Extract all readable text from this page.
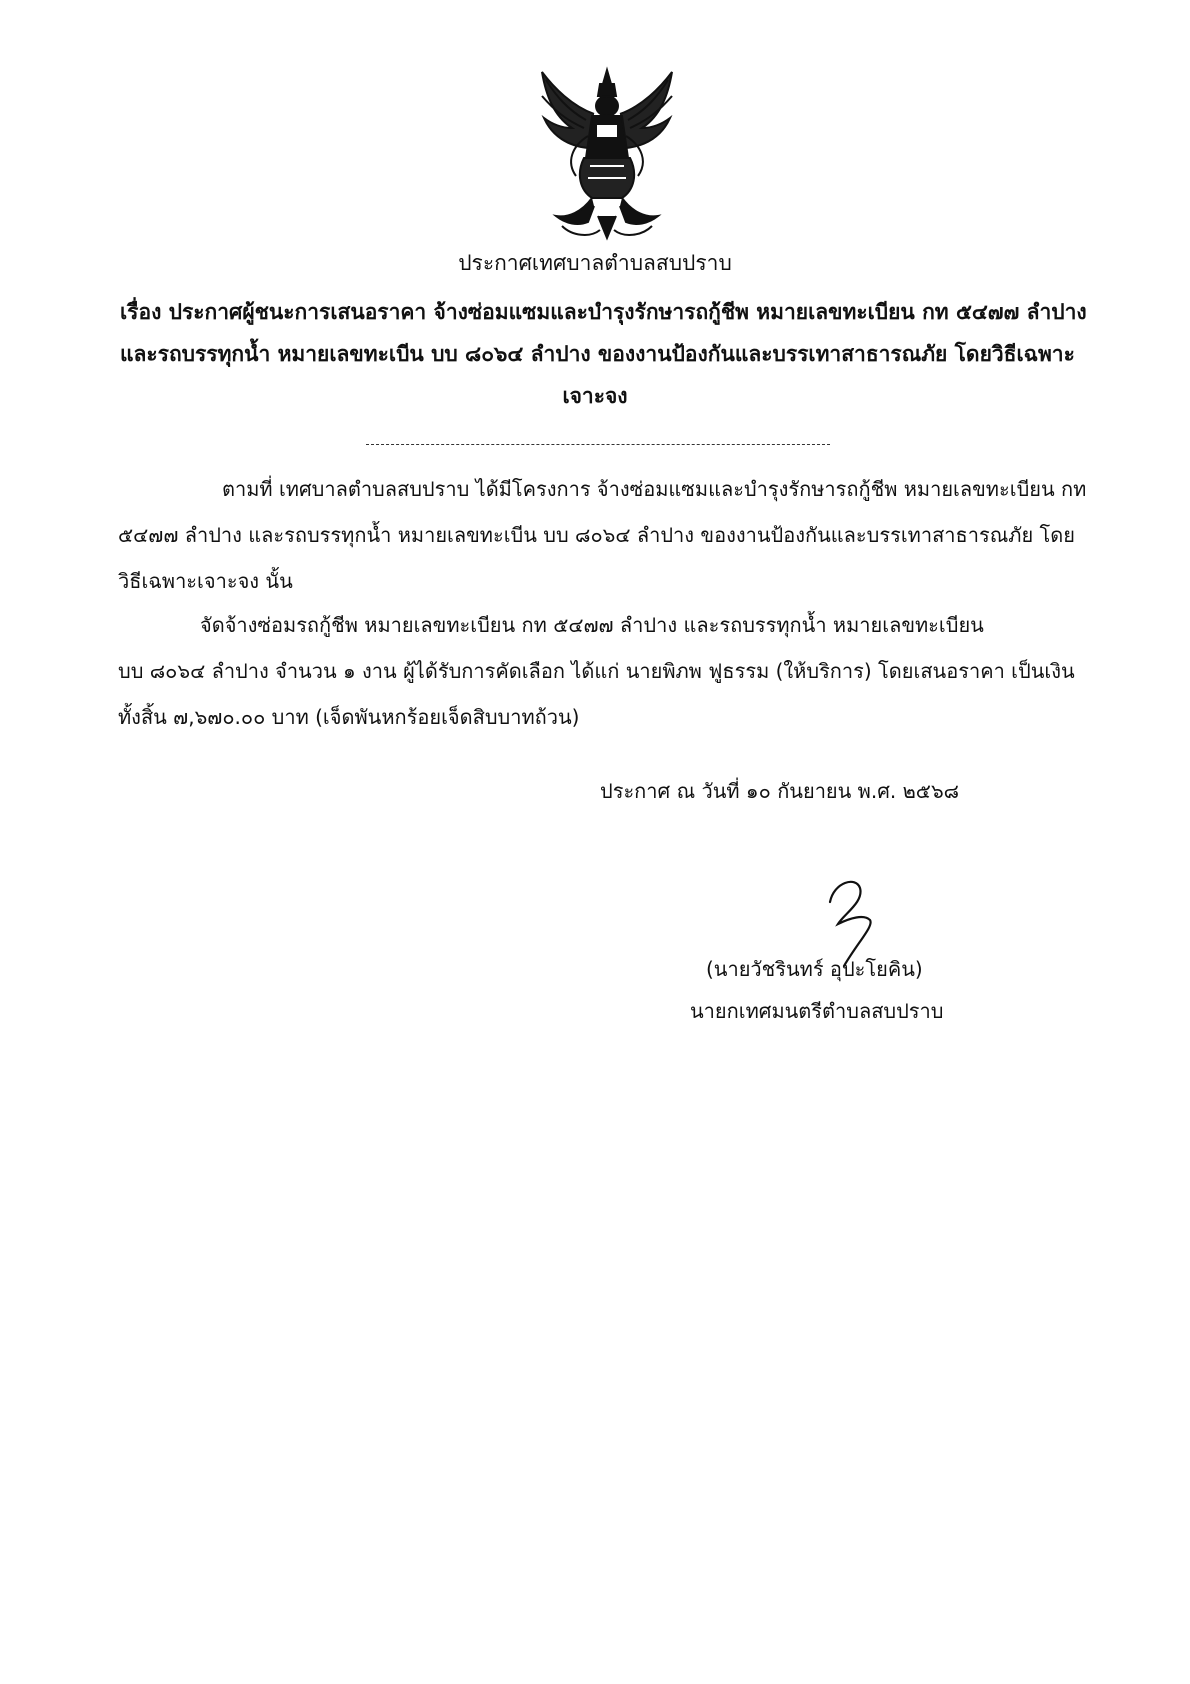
ประกาศเทศบาลตำบลสบปราบ
เรื่อง ประกาศผู้ชนะการเสนอราคา จ้างซ่อมแซมและบำรุงรักษารถกู้ชีพ หมายเลขทะเบียน กท ๕๔๗๗ ลำปาง
และรถบรรทุกน้ำ หมายเลขทะเบีน บบ ๘๐๖๔ ลำปาง ของงานป้องกันและบรรเทาสาธารณภัย โดยวิธีเฉพาะ
เจาะจง
ตามที่ เทศบาลตำบลสบปราบ ได้มีโครงการ จ้างซ่อมแซมและบำรุงรักษารถกู้ชีพ หมายเลขทะเบียน กท
๕๔๗๗ ลำปาง และรถบรรทุกน้ำ หมายเลขทะเบีน บบ ๘๐๖๔ ลำปาง ของงานป้องกันและบรรเทาสาธารณภัย โดย
วิธีเฉพาะเจาะจง นั้น
จัดจ้างซ่อมรถกู้ชีพ หมายเลขทะเบียน กท ๕๔๗๗ ลำปาง และรถบรรทุกน้ำ หมายเลขทะเบียน
บบ ๘๐๖๔ ลำปาง จำนวน ๑ งาน ผู้ได้รับการคัดเลือก ได้แก่ นายพิภพ ฟูธรรม (ให้บริการ) โดยเสนอราคา เป็นเงิน
ทั้งสิ้น ๗,๖๗๐.๐๐ บาท (เจ็ดพันหกร้อยเจ็ดสิบบาทถ้วน)
ประกาศ ณ วันที่ ๑๐ กันยายน พ.ศ. ๒๕๖๘
(นายวัชรินทร์ อุปะโยคิน)
นายกเทศมนตรีตำบลสบปราบ
